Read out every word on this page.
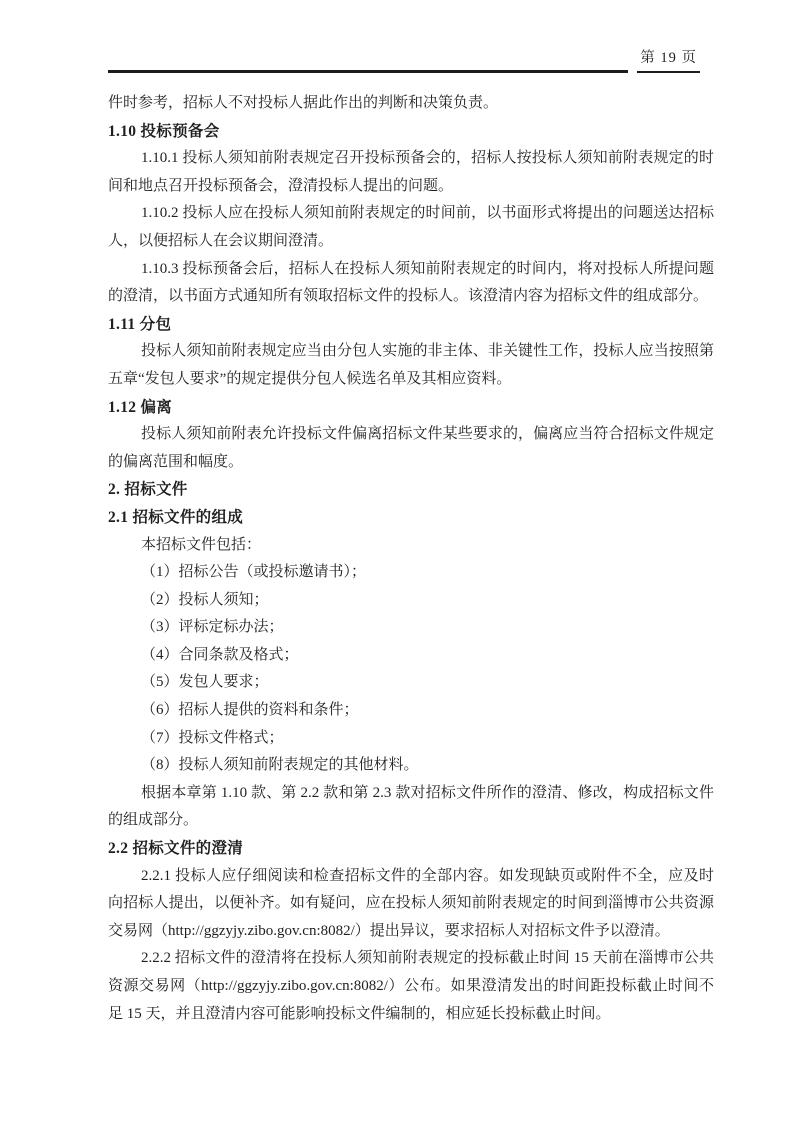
第 19 页

件时参考，招标人不对投标人据此作出的判断和决策负责。

1.10 投标预备会

1.10.1 投标人须知前附表规定召开投标预备会的，招标人按投标人须知前附表规定的时间和地点召开投标预备会，澄清投标人提出的问题。

1.10.2 投标人应在投标人须知前附表规定的时间前，以书面形式将提出的问题送达招标人，以便招标人在会议期间澄清。

1.10.3 投标预备会后，招标人在投标人须知前附表规定的时间内，将对投标人所提问题的澄清，以书面方式通知所有领取招标文件的投标人。该澄清内容为招标文件的组成部分。

1.11 分包

投标人须知前附表规定应当由分包人实施的非主体、非关键性工作，投标人应当按照第五章“发包人要求”的规定提供分包人候选名单及其相应资料。

1.12 偏离

投标人须知前附表允许投标文件偏离招标文件某些要求的，偏离应当符合招标文件规定的偏离范围和幅度。

2. 招标文件

2.1 招标文件的组成

本招标文件包括：

（1）招标公告（或投标邀请书）；

（2）投标人须知；

（3）评标定标办法；

（4）合同条款及格式；

（5）发包人要求；

（6）招标人提供的资料和条件；

（7）投标文件格式；

（8）投标人须知前附表规定的其他材料。

根据本章第 1.10 款、第 2.2 款和第 2.3 款对招标文件所作的澄清、修改，构成招标文件的组成部分。

2.2 招标文件的澄清

2.2.1 投标人应仔细阅读和检查招标文件的全部内容。如发现缺页或附件不全，应及时向招标人提出，以便补齐。如有疑问，应在投标人须知前附表规定的时间到淄博市公共资源交易网（http://ggzyjy.zibo.gov.cn:8082/）提出异议，要求招标人对招标文件予以澄清。

2.2.2 招标文件的澄清将在投标人须知前附表规定的投标截止时间 15 天前在淄博市公共资源交易网（http://ggzyjy.zibo.gov.cn:8082/）公布。如果澄清发出的时间距投标截止时间不足 15 天，并且澄清内容可能影响投标文件编制的，相应延长投标截止时间。
